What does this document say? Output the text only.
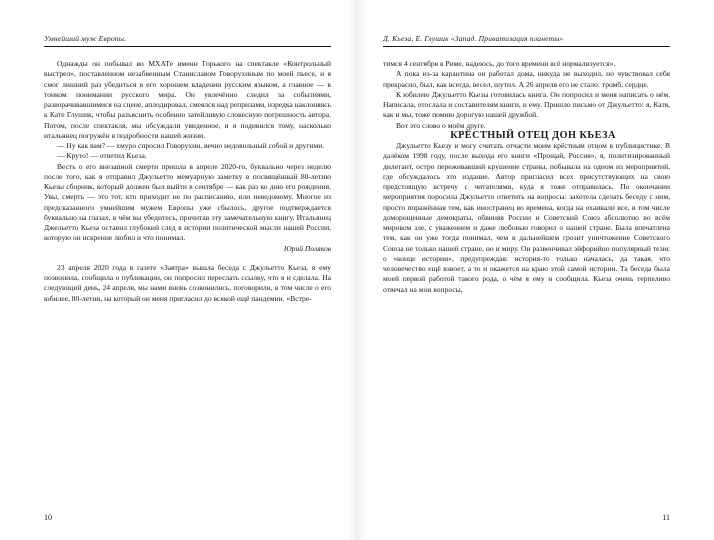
Умнейший муж Европы.

Однажды он побывал во МХАТе имени Горького на спектакле «Контрольный выстрел», поставленном незабвенным Станиславом Говорухиным по моей пьесе, и я смог лишний раз убедиться в его хорошем владении русским языком, а главное — в тонком понимании русского мира. Он увлечённо следил за событиями, разворачивавшимися на сцене, аплодировал, смеялся над репризами, изредка наклоняясь к Кате Глушик, чтобы разъяснить особенно затейливую словесную погрешность автора. Потом, после спектакля, мы обсуждали увиденное, и я подивился тому, насколько итальянец погружён в подробности нашей жизни.

— Ну как вам? — хмуро спросил Говорухин, вечно недовольный собой и другими.

— Круто! — ответил Кьеза.

Весть о его внезапной смерти пришла в апреле 2020-го, буквально через неделю после того, как я отправил Джульетто мемуарную заметку в посвящённый 80-летию Кьезы сборник, который должен был выйти в сентябре — как раз ко дню его рождения. Увы, смерть — это тот, кто приходит не по расписанию, или неведомому. Многое из предсказанного умнейшим мужем Европы уже сбылось, другое подтверждается буквально на глазах, в чём вы убедитесь, прочитав эту замечательную книгу. Итальянец Джельетто Кьеза оставил глубокий след в истории политической мысли нашей России, которую он искренне любил и что понимал.

Юрий Поляков

23 апреля 2020 года в газете «Завтра» вышла беседа с Джульетто Кьеза, я ему позвонила, сообщила о публикации, он попросил переслать ссылку, что я и сделала. На следующий день, 24 апреля, мы нами вновь созвонились, поговорили, в том числе о его юбилее, 80-летии, на который он меня пригласил до всякой ещё пандемии. «Встре-

10
Д. Кьеза, Е. Глушик «Запад. Приватизация планеты»

тимся 4 сентября в Риме, надеюсь, до того времени всё нормализуется».

А пока из-за карантина он работал дома, никуда не выходил, но чувствовал себя прекрасно, был, как всегда, весел, шутил. А 26 апреля его не стало: тромб, сердце.

К юбилею Джульетто Кьезы готовилась книга. Он попросил и меня написать о нём. Написала, отослала и составителям книги, и ему. Пришло письмо от Джульетто: я, Катя, как и мы, тоже помню дорогую нашей дружбой.

Вот это слово о моём друге.

КРЁСТНЫЙ ОТЕЦ ДОН КЬЕЗА

Джульетто Кьезу и могу считать отчасти моим крёстным отцом в публицистике. В далёком 1998 году, после выхода его книги «Прощай, Россия», я, политизированный дилетант, остро переживавший крушение страны, побывала на одном из мероприятий, где обсуждалось это издание. Автор пригласил всех присутствующих на свою предстоящую встречу с читателями, куда я тоже отправилась. По окончании мероприятия поросила Джульетто ответить на вопросы: захотела сделать беседу с ним, просто поражённая тем, как иностранец во времена, когда на охаивали все, в том числе доморощенные демократы, обвиняя России и Советский Союз абсолютно во всём мировом зле, с уважением и даже любовью говорил о нашей стране. Была впечатлена тем, как он уже тогда понимал, чем в дальнейшем грозит уничтожение Советского Союза не только нашей стране, но и миру. Он развенчивал эйфорийно популярный тезис о «конце истории», предупреждая: история-то только началась, да такая, что человечество ещё взвоет, а то и окажется на краю этой самой истории. Та беседа была моей первой работой такого рода, о чём я ему и сообщила. Кьеза очень терпеливо отвечал на мои вопросы,

11
